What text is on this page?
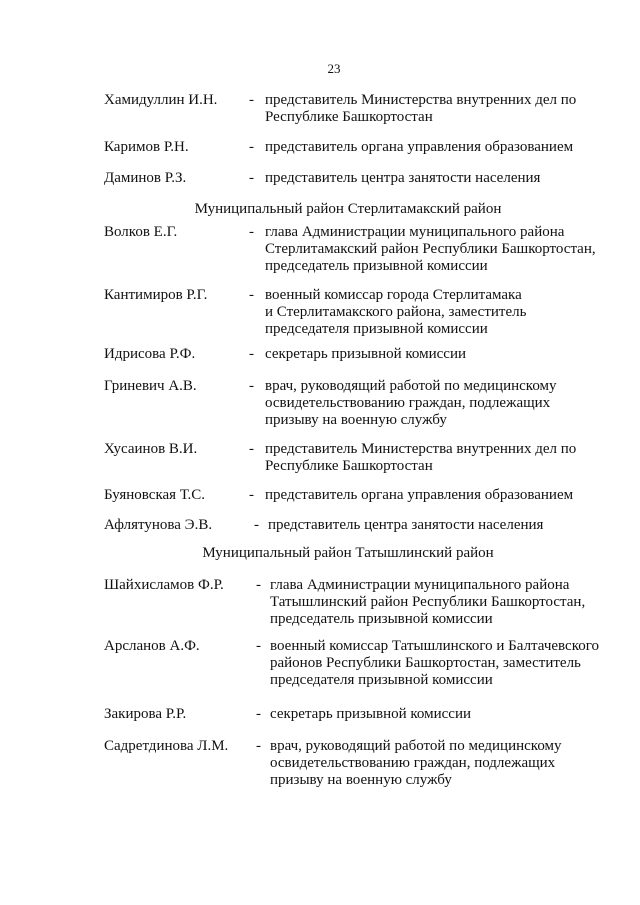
23
Хамидуллин И.Н. - представитель Министерства внутренних дел по
Республике Башкортостан
Каримов Р.Н.	- представитель органа управления образованием
Даминов Р.З.	- представитель центра занятости населения
Муниципальный район Стерлитамакский район
Волков Е.Г.	- глава Администрации муниципального района
Стерлитамакский район Республики Башкортостан,
председатель призывной комиссии
Кантимиров Р.Г.	- военный комиссар города Стерлитамака
и Стерлитамакского района, заместитель
председателя призывной комиссии
Идрисова Р.Ф.	- секретарь призывной комиссии
Гриневич А.В.	- врач, руководящий работой по медицинскому
освидетельствованию граждан, подлежащих
призыву на военную службу
Хусаинов В.И.	- представитель Министерства внутренних дел по
Республике Башкортостан
Буяновская Т.С.	- представитель органа управления образованием
Афлятунова Э.В.	- представитель центра занятости населения
Муниципальный район Татышлинский район
Шайхисламов Ф.Р. - глава Администрации муниципального района
Татышлинский район Республики Башкортостан,
председатель призывной комиссии
Арсланов А.Ф.	- военный комиссар Татышлинского и Балтачевского
районов Республики Башкортостан, заместитель
председателя призывной комиссии
Закирова Р.Р.	- секретарь призывной комиссии
Садретдинова Л.М. - врач, руководящий работой по медицинскому
освидетельствованию граждан, подлежащих
призыву на военную службу
